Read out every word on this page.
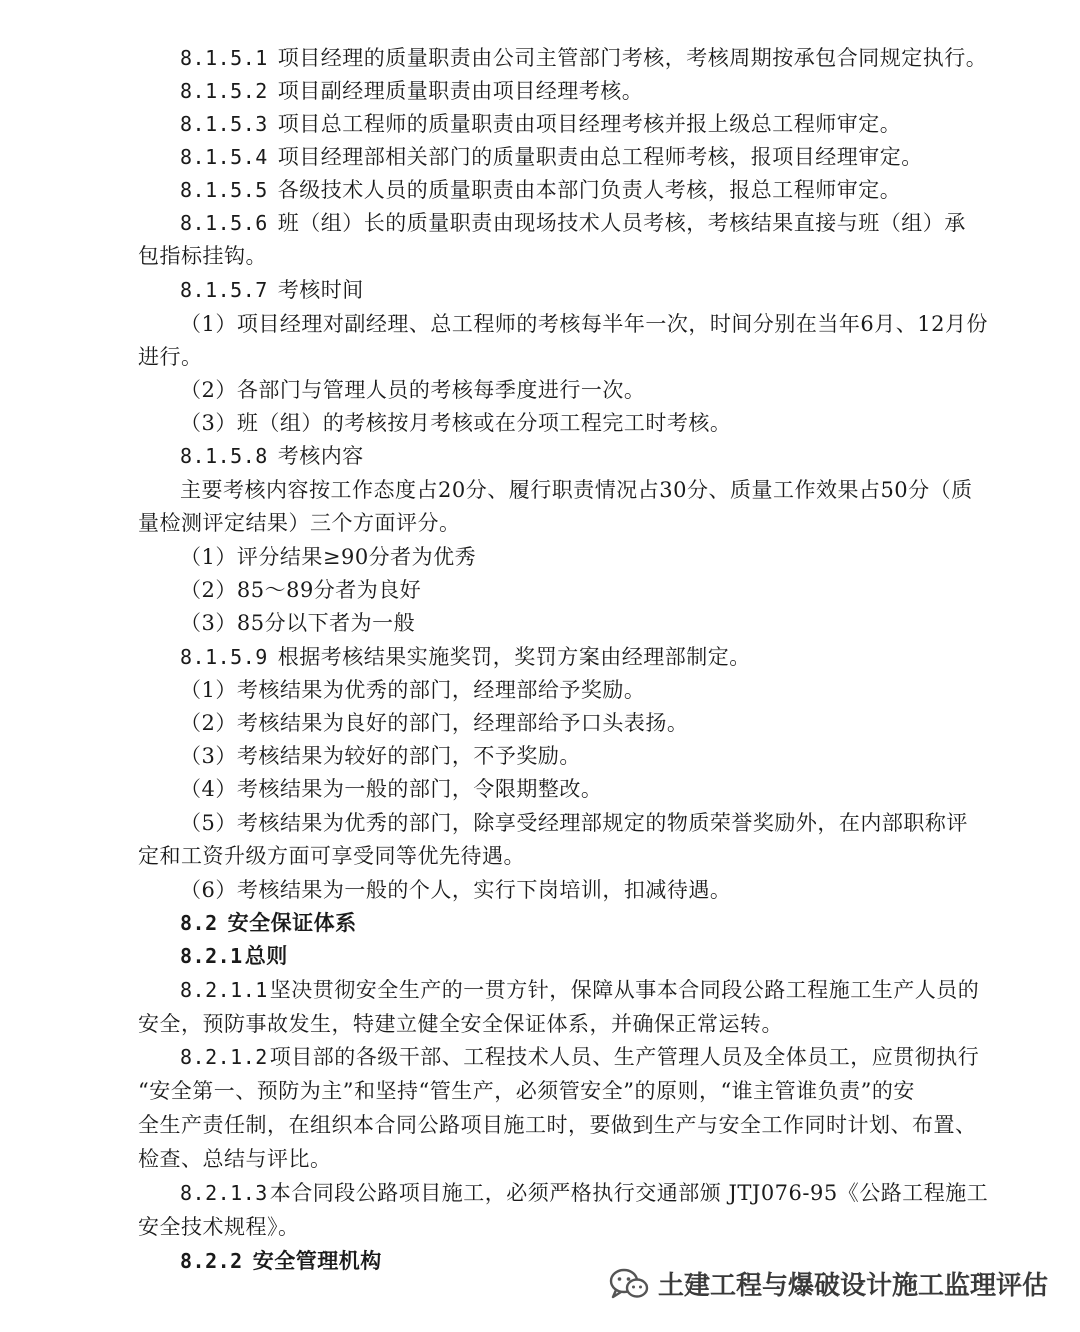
8.1.5.1 项目经理的质量职责由公司主管部门考核，考核周期按承包合同规定执行。
8.1.5.2 项目副经理质量职责由项目经理考核。
8.1.5.3 项目总工程师的质量职责由项目经理考核并报上级总工程师审定。
8.1.5.4 项目经理部相关部门的质量职责由总工程师考核，报项目经理审定。
8.1.5.5 各级技术人员的质量职责由本部门负责人考核，报总工程师审定。
8.1.5.6 班（组）长的质量职责由现场技术人员考核，考核结果直接与班（组）承
包指标挂钩。
8.1.5.7 考核时间
（1）项目经理对副经理、总工程师的考核每半年一次，时间分别在当年6月、12月份
进行。
（2）各部门与管理人员的考核每季度进行一次。
（3）班（组）的考核按月考核或在分项工程完工时考核。
8.1.5.8 考核内容
主要考核内容按工作态度占20分、履行职责情况占30分、质量工作效果占50分（质
量检测评定结果）三个方面评分。
（1）评分结果≥90分者为优秀
（2）85～89分者为良好
（3）85分以下者为一般
8.1.5.9 根据考核结果实施奖罚，奖罚方案由经理部制定。
（1）考核结果为优秀的部门，经理部给予奖励。
（2）考核结果为良好的部门，经理部给予口头表扬。
（3）考核结果为较好的部门，不予奖励。
（4）考核结果为一般的部门，令限期整改。
（5）考核结果为优秀的部门，除享受经理部规定的物质荣誉奖励外，在内部职称评
定和工资升级方面可享受同等优先待遇。
（6）考核结果为一般的个人，实行下岗培训，扣减待遇。
8.2 安全保证体系
8.2.1总则
8.2.1.1坚决贯彻安全生产的一贯方针，保障从事本合同段公路工程施工生产人员的
安全，预防事故发生，特建立健全安全保证体系，并确保正常运转。
8.2.1.2项目部的各级干部、工程技术人员、生产管理人员及全体员工，应贯彻执行
“安全第一、预防为主”和坚持“管生产，必须管安全”的原则，“谁主管谁负责”的安
全生产责任制，在组织本合同公路项目施工时，要做到生产与安全工作同时计划、布置、
检查、总结与评比。
8.2.1.3本合同段公路项目施工，必须严格执行交通部颁 JTJ076-95《公路工程施工
安全技术规程》。
8.2.2 安全管理机构
土建工程与爆破设计施工监理评估
